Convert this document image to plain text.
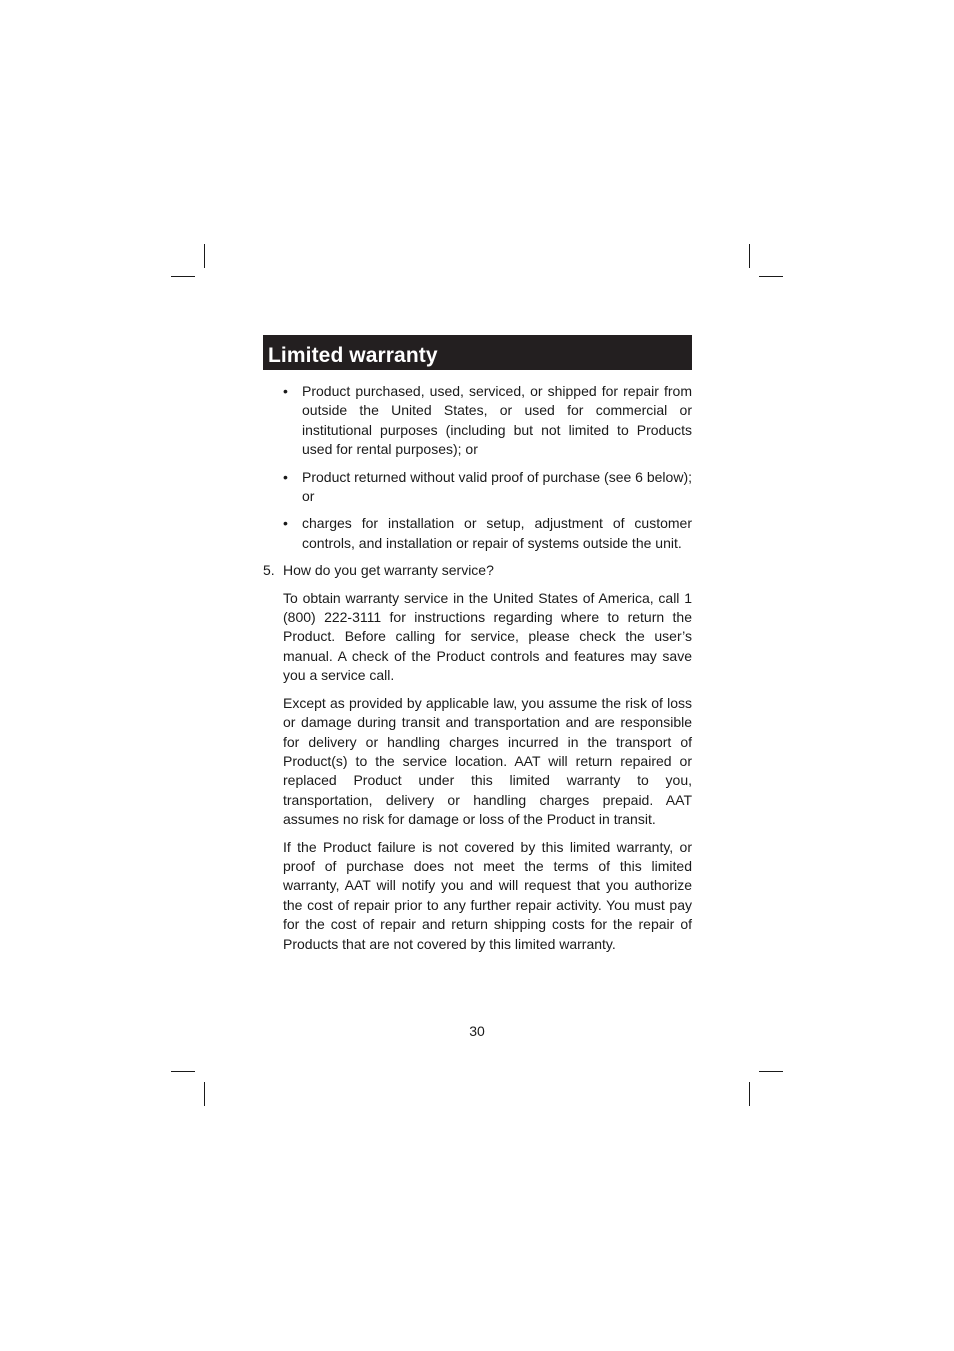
Limited warranty
• Product purchased, used, serviced, or shipped for repair from outside the United States, or used for commercial or institutional purposes (including but not limited to Products used for rental purposes); or
• Product returned without valid proof of purchase (see 6 below); or
• charges for installation or setup, adjustment of customer controls, and installation or repair of systems outside the unit.
5. How do you get warranty service?

To obtain warranty service in the United States of America, call 1 (800) 222-3111 for instructions regarding where to return the Product. Before calling for service, please check the user’s manual. A check of the Product controls and features may save you a service call.

Except as provided by applicable law, you assume the risk of loss or damage during transit and transportation and are responsible for delivery or handling charges incurred in the transport of Product(s) to the service location. AAT will return repaired or replaced Product under this limited warranty to you, transportation, delivery or handling charges prepaid. AAT assumes no risk for damage or loss of the Product in transit.

If the Product failure is not covered by this limited warranty, or proof of purchase does not meet the terms of this limited warranty, AAT will notify you and will request that you authorize the cost of repair prior to any further repair activity. You must pay for the cost of repair and return shipping costs for the repair of Products that are not covered by this limited warranty.

30
